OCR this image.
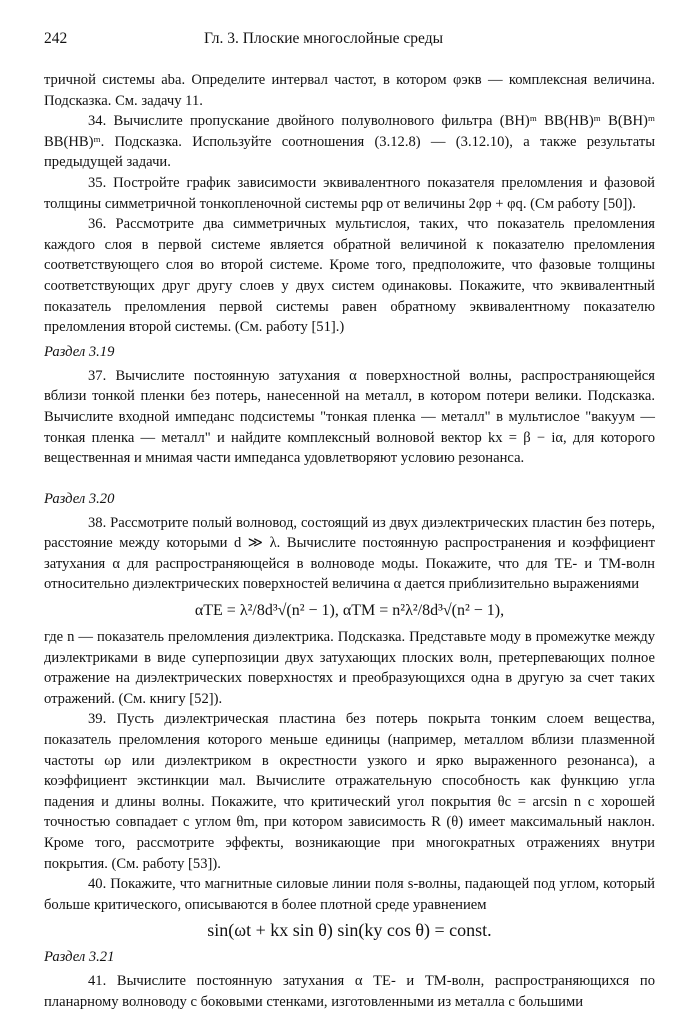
242	Гл. 3. Плоские многослойные среды

тричной системы aba. Определите интервал частот, в котором φэкв — комплексная величина. Подсказка. См. задачу 11.

34. Вычислите пропускание двойного полуволнового фильтра (BH)ᵐ BB(HB)ᵐ B(BH)ᵐ BB(HB)ᵐ. Подсказка. Используйте соотношения (3.12.8) — (3.12.10), а также результаты предыдущей задачи.

35. Постройте график зависимости эквивалентного показателя преломления и фазовой толщины симметричной тонкопленочной системы pqp от величины 2φp + φq. (См работу [50]).

36. Рассмотрите два симметричных мультислоя, таких, что показатель преломления каждого слоя в первой системе является обратной величиной к показателю преломления соответствующего слоя во второй системе. Кроме того, предположите, что фазовые толщины соответствующих друг другу слоев у двух систем одинаковы. Покажите, что эквивалентный показатель преломления первой системы равен обратному эквивалентному показателю преломления второй системы. (См. работу [51].)

Раздел 3.19

37. Вычислите постоянную затухания α поверхностной волны, распространяющейся вблизи тонкой пленки без потерь, нанесенной на металл, в котором потери велики. Подсказка. Вычислите входной импеданс подсистемы "тонкая пленка — металл" в мультислое "вакуум — тонкая пленка — металл" и найдите комплексный волновой вектор kx = β − iα, для которого вещественная и мнимая части импеданса удовлетворяют условию резонанса.

Раздел 3.20

38. Рассмотрите полый волновод, состоящий из двух диэлектрических пластин без потерь, расстояние между которыми d ≫ λ. Вычислите постоянную распространения и коэффициент затухания α для распространяющейся в волноводе моды. Покажите, что для TE- и TM-волн относительно диэлектрических поверхностей величина α дается приблизительно выражениями

αTE = λ²/8d³√(n² − 1), αTM = n²λ²/8d³√(n² − 1),

где n — показатель преломления диэлектрика. Подсказка. Представьте моду в промежутке между диэлектриками в виде суперпозиции двух затухающих плоских волн, претерпевающих полное отражение на диэлектрических поверхностях и преобразующихся одна в другую за счет таких отражений. (См. книгу [52]).

39. Пусть диэлектрическая пластина без потерь покрыта тонким слоем вещества, показатель преломления которого меньше единицы (например, металлом вблизи плазменной частоты ωp или диэлектриком в окрестности узкого и ярко выраженного резонанса), а коэффициент экстинкции мал. Вычислите отражательную способность как функцию угла падения и длины волны. Покажите, что критический угол покрытия θc = arcsin n с хорошей точностью совпадает с углом θm, при котором зависимость R (θ) имеет максимальный наклон. Кроме того, рассмотрите эффекты, возникающие при многократных отражениях внутри покрытия. (См. работу [53]).

40. Покажите, что магнитные силовые линии поля s-волны, падающей под углом, который больше критического, описываются в более плотной среде уравнением

sin(ωt + kx sin θ) sin(ky cos θ) = const.

Раздел 3.21

41. Вычислите постоянную затухания α TE- и TM-волн, распространяющихся по планарному волноводу с боковыми стенками, изготовленными из металла с большими
